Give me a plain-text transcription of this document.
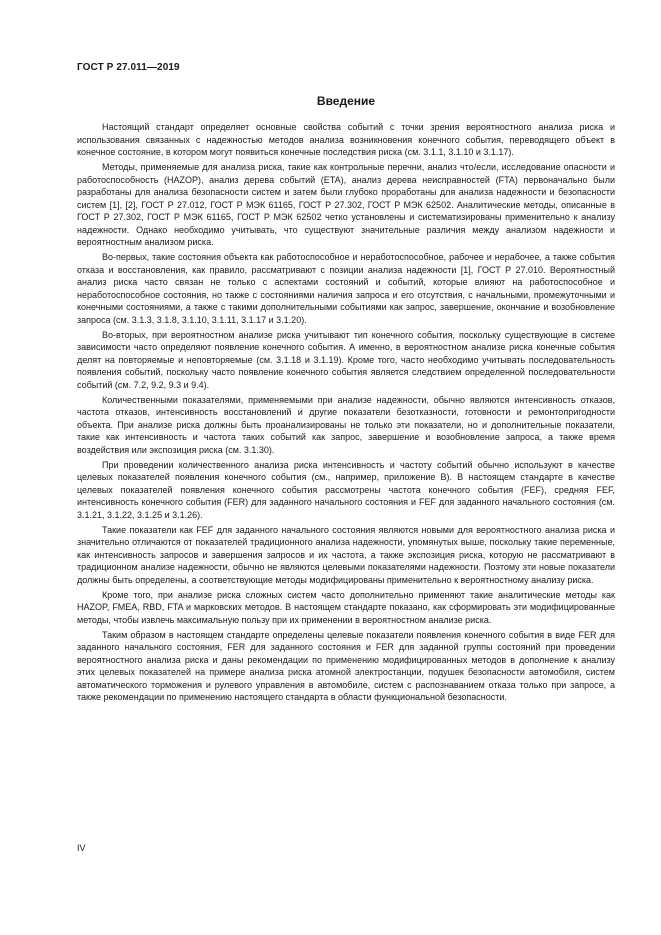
ГОСТ Р 27.011—2019
Введение

Настоящий стандарт определяет основные свойства событий с точки зрения вероятностного анализа риска и использования связанных с надежностью методов анализа возникновения конечного события, переводящего объект в конечное состояние, в котором могут появиться конечные последствия риска (см. 3.1.1, 3.1.10 и 3.1.17).

Методы, применяемые для анализа риска, такие как контрольные перечни, анализ что/если, исследование опасности и работоспособность (HAZOP), анализ дерева событий (ETA), анализ дерева неисправностей (FTA) первоначально были разработаны для анализа безопасности систем и затем были глубоко проработаны для анализа надежности и безопасности систем [1], [2], ГОСТ Р 27.012, ГОСТ Р МЭК 61165, ГОСТ Р 27.302, ГОСТ Р МЭК 62502. Аналитические методы, описанные в ГОСТ Р 27.302, ГОСТ Р МЭК 61165, ГОСТ Р МЭК 62502 четко установлены и систематизированы применительно к анализу надежности. Однако необходимо учитывать, что существуют значительные различия между анализом надежности и вероятностным анализом риска.

Во-первых, такие состояния объекта как работоспособное и неработоспособное, рабочее и нерабочее, а также события отказа и восстановления, как правило, рассматривают с позиции анализа надежности [1], ГОСТ Р 27.010. Вероятностный анализ риска часто связан не только с аспектами состояний и событий, которые влияют на работоспособное и неработоспособное состояния, но также с состояниями наличия запроса и его отсутствия, с начальными, промежуточными и конечными состояниями, а также с такими дополнительными событиями как запрос, завершение, окончание и возобновление запроса (см. 3.1.3, 3.1.8, 3.1.10, 3.1.11, 3.1.17 и 3.1.20).

Во-вторых, при вероятностном анализе риска учитывают тип конечного события, поскольку существующие в системе зависимости часто определяют появление конечного события. А именно, в вероятностном анализе риска конечные события делят на повторяемые и неповторяемые (см. 3.1.18 и 3.1.19). Кроме того, часто необходимо учитывать последовательность появления событий, поскольку часто появление конечного события является следствием определенной последовательности событий (см. 7.2, 9.2, 9.3 и 9.4).

Количественными показателями, применяемыми при анализе надежности, обычно являются интенсивность отказов, частота отказов, интенсивность восстановлений и другие показатели безотказности, готовности и ремонтопригодности объекта. При анализе риска должны быть проанализированы не только эти показатели, но и дополнительные показатели, такие как интенсивность и частота таких событий как запрос, завершение и возобновление запроса, а также время воздействия или экспозиция риска (см. 3.1.30).

При проведении количественного анализа риска интенсивность и частоту событий обычно используют в качестве целевых показателей появления конечного события (см., например, приложение В). В настоящем стандарте в качестве целевых показателей появления конечного события рассмотрены частота конечного события (FEF), средняя FEF, интенсивность конечного события (FER) для заданного начального состояния и FEF для заданного начального состояния (см. 3.1.21, 3.1.22, 3.1.25 и 3.1.26).

Такие показатели как FEF для заданного начального состояния являются новыми для вероятностного анализа риска и значительно отличаются от показателей традиционного анализа надежности, упомянутых выше, поскольку такие переменные, как интенсивность запросов и завершения запросов и их частота, а также экспозиция риска, которую не рассматривают в традиционном анализе надежности, обычно не являются целевыми показателями надежности. Поэтому эти новые показатели должны быть определены, а соответствующие методы модифицированы применительно к вероятностному анализу риска.

Кроме того, при анализе риска сложных систем часто дополнительно применяют такие аналитические методы как HAZOP, FMEA, RBD, FTA и марковских методов. В настоящем стандарте показано, как сформировать эти модифицированные методы, чтобы извлечь максимальную пользу при их применении в вероятностном анализе риска.

Таким образом в настоящем стандарте определены целевые показатели появления конечного события в виде FER для заданного начального состояния, FER для заданного состояния и FER для заданной группы состояний при проведении вероятностного анализа риска и даны рекомендации по применению модифицированных методов в дополнение к анализу этих целевых показателей на примере анализа риска атомной электростанции, подушек безопасности автомобиля, систем автоматического торможения и рулевого управления в автомобиле, систем с распознаванием отказа только при запросе, а также рекомендации по применению настоящего стандарта в области функциональной безопасности.

IV
